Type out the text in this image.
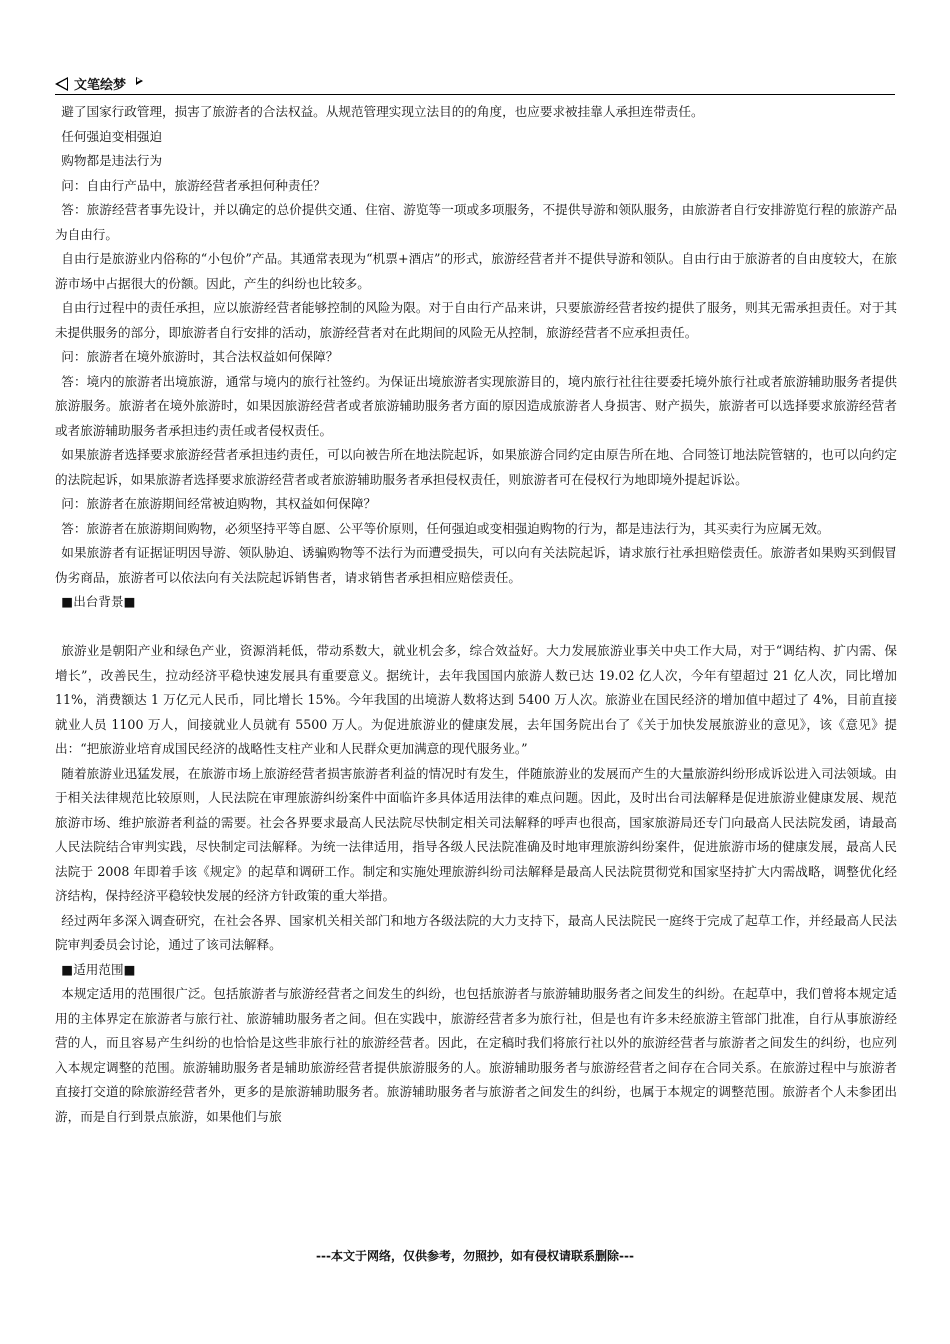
文笔绘梦

避了国家行政管理，损害了旅游者的合法权益。从规范管理实现立法目的的角度，也应要求被挂靠人承担连带责任。

任何强迫变相强迫

购物都是违法行为

问：自由行产品中，旅游经营者承担何种责任？

答：旅游经营者事先设计，并以确定的总价提供交通、住宿、游览等一项或多项服务，不提供导游和领队服务，由旅游者自行安排游览行程的旅游产品为自由行。

自由行是旅游业内俗称的“小包价”产品。其通常表现为“机票+酒店”的形式，旅游经营者并不提供导游和领队。自由行由于旅游者的自由度较大，在旅游市场中占据很大的份额。因此，产生的纠纷也比较多。

自由行过程中的责任承担，应以旅游经营者能够控制的风险为限。对于自由行产品来讲，只要旅游经营者按约提供了服务，则其无需承担责任。对于其未提供服务的部分，即旅游者自行安排的活动，旅游经营者对在此期间的风险无从控制，旅游经营者不应承担责任。

问：旅游者在境外旅游时，其合法权益如何保障？

答：境内的旅游者出境旅游，通常与境内的旅行社签约。为保证出境旅游者实现旅游目的，境内旅行社往往要委托境外旅行社或者旅游辅助服务者提供旅游服务。旅游者在境外旅游时，如果因旅游经营者或者旅游辅助服务者方面的原因造成旅游者人身损害、财产损失，旅游者可以选择要求旅游经营者或者旅游辅助服务者承担违约责任或者侵权责任。

如果旅游者选择要求旅游经营者承担违约责任，可以向被告所在地法院起诉，如果旅游合同约定由原告所在地、合同签订地法院管辖的，也可以向约定的法院起诉，如果旅游者选择要求旅游经营者或者旅游辅助服务者承担侵权责任，则旅游者可在侵权行为地即境外提起诉讼。

问：旅游者在旅游期间经常被迫购物，其权益如何保障？

答：旅游者在旅游期间购物，必须坚持平等自愿、公平等价原则，任何强迫或变相强迫购物的行为，都是违法行为，其买卖行为应属无效。

如果旅游者有证据证明因导游、领队胁迫、诱骗购物等不法行为而遭受损失，可以向有关法院起诉，请求旅行社承担赔偿责任。旅游者如果购买到假冒伪劣商品，旅游者可以依法向有关法院起诉销售者，请求销售者承担相应赔偿责任。

■出台背景■

旅游业是朝阳产业和绿色产业，资源消耗低，带动系数大，就业机会多，综合效益好。大力发展旅游业事关中央工作大局，对于“调结构、扩内需、保增长”，改善民生，拉动经济平稳快速发展具有重要意义。据统计，去年我国国内旅游人数已达 19.02 亿人次，今年有望超过 21 亿人次，同比增加 11%，消费额达 1 万亿元人民币，同比增长 15%。今年我国的出境游人数将达到 5400 万人次。旅游业在国民经济的增加值中超过了 4%，目前直接就业人员 1100 万人，间接就业人员就有 5500 万人。为促进旅游业的健康发展，去年国务院出台了《关于加快发展旅游业的意见》，该《意见》提出：“把旅游业培育成国民经济的战略性支柱产业和人民群众更加满意的现代服务业。”

随着旅游业迅猛发展，在旅游市场上旅游经营者损害旅游者利益的情况时有发生，伴随旅游业的发展而产生的大量旅游纠纷形成诉讼进入司法领域。由于相关法律规范比较原则，人民法院在审理旅游纠纷案件中面临许多具体适用法律的难点问题。因此，及时出台司法解释是促进旅游业健康发展、规范旅游市场、维护旅游者利益的需要。社会各界要求最高人民法院尽快制定相关司法解释的呼声也很高，国家旅游局还专门向最高人民法院发函，请最高人民法院结合审判实践，尽快制定司法解释。为统一法律适用，指导各级人民法院准确及时地审理旅游纠纷案件，促进旅游市场的健康发展，最高人民法院于 2008 年即着手该《规定》的起草和调研工作。制定和实施处理旅游纠纷司法解释是最高人民法院贯彻党和国家坚持扩大内需战略，调整优化经济结构，保持经济平稳较快发展的经济方针政策的重大举措。

经过两年多深入调查研究，在社会各界、国家机关相关部门和地方各级法院的大力支持下，最高人民法院民一庭终于完成了起草工作，并经最高人民法院审判委员会讨论，通过了该司法解释。

■适用范围■

本规定适用的范围很广泛。包括旅游者与旅游经营者之间发生的纠纷，也包括旅游者与旅游辅助服务者之间发生的纠纷。在起草中，我们曾将本规定适用的主体界定在旅游者与旅行社、旅游辅助服务者之间。但在实践中，旅游经营者多为旅行社，但是也有许多未经旅游主管部门批准，自行从事旅游经营的人，而且容易产生纠纷的也恰恰是这些非旅行社的旅游经营者。因此，在定稿时我们将旅行社以外的旅游经营者与旅游者之间发生的纠纷，也应列入本规定调整的范围。旅游辅助服务者是辅助旅游经营者提供旅游服务的人。旅游辅助服务者与旅游经营者之间存在合同关系。在旅游过程中与旅游者直接打交道的除旅游经营者外，更多的是旅游辅助服务者。旅游辅助服务者与旅游者之间发生的纠纷，也属于本规定的调整范围。旅游者个人未参团出游，而是自行到景点旅游，如果他们与旅

---本文于网络，仅供参考，勿照抄，如有侵权请联系删除---
